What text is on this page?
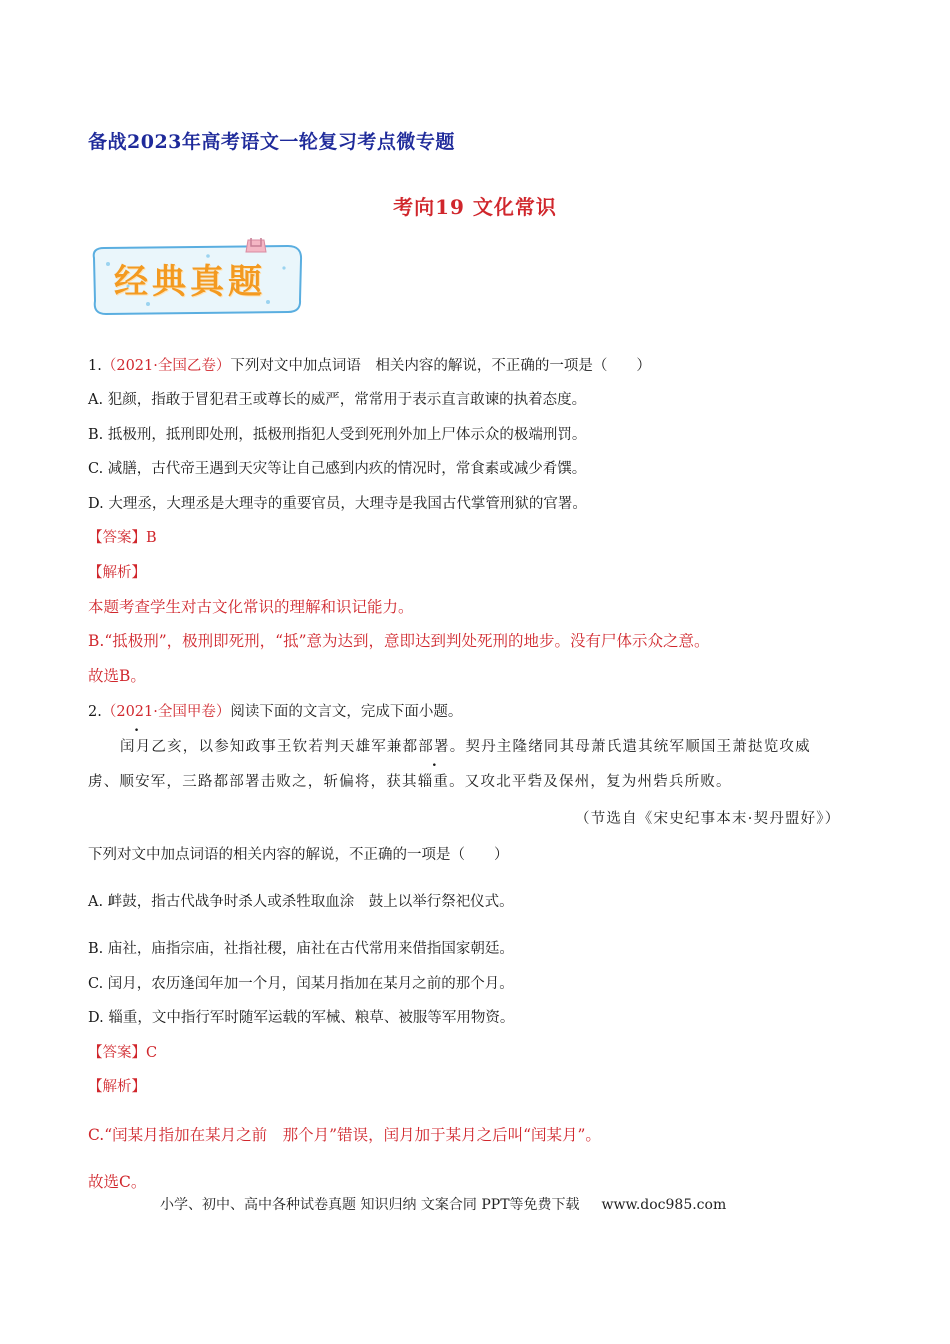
备战2023年高考语文一轮复习考点微专题
考向19 文化常识
经典真题
1.（2021·全国乙卷）下列对文中加点词语　相关内容的解说，不正确的一项是（　　）
A. 犯颜，指敢于冒犯君王或尊长的威严，常常用于表示直言敢谏的执着态度。
B. 抵极刑，抵刑即处刑，抵极刑指犯人受到死刑外加上尸体示众的极端刑罚。
C. 减膳，古代帝王遇到天灾等让自己感到内疚的情况时，常食素或减少肴馔。
D. 大理丞，大理丞是大理寺的重要官员，大理寺是我国古代掌管刑狱的官署。
【答案】B
【解析】
本题考查学生对古文化常识的理解和识记能力。
B.“抵极刑”，极刑即死刑，“抵”意为达到，意即达到判处死刑的地步。没有尸体示众之意。
故选B。
2.（2021·全国甲卷）阅读下面的文言文，完成下面小题。
闰月乙亥，以参知政事王钦若判天雄军兼都部署。契丹主隆绪同其母萧氏遣其统军顺国王萧挞览攻威
虏、顺安军，三路都部署击败之，斩偏将，获其辎重。又攻北平砦及保州，复为州砦兵所败。
（节选自《宋史纪事本末·契丹盟好》）
下列对文中加点词语的相关内容的解说，不正确的一项是（　　）
A. 衅鼓，指古代战争时杀人或杀牲取血涂　鼓上以举行祭祀仪式。
B. 庙社，庙指宗庙，社指社稷，庙社在古代常用来借指国家朝廷。
C. 闰月，农历逢闰年加一个月，闰某月指加在某月之前的那个月。
D. 辎重，文中指行军时随军运载的军械、粮草、被服等军用物资。
【答案】C
【解析】
C.“闰某月指加在某月之前　那个月”错误，闰月加于某月之后叫“闰某月”。
故选C。
小学、初中、高中各种试卷真题 知识归纳 文案合同 PPT等免费下载 www.doc985.com
